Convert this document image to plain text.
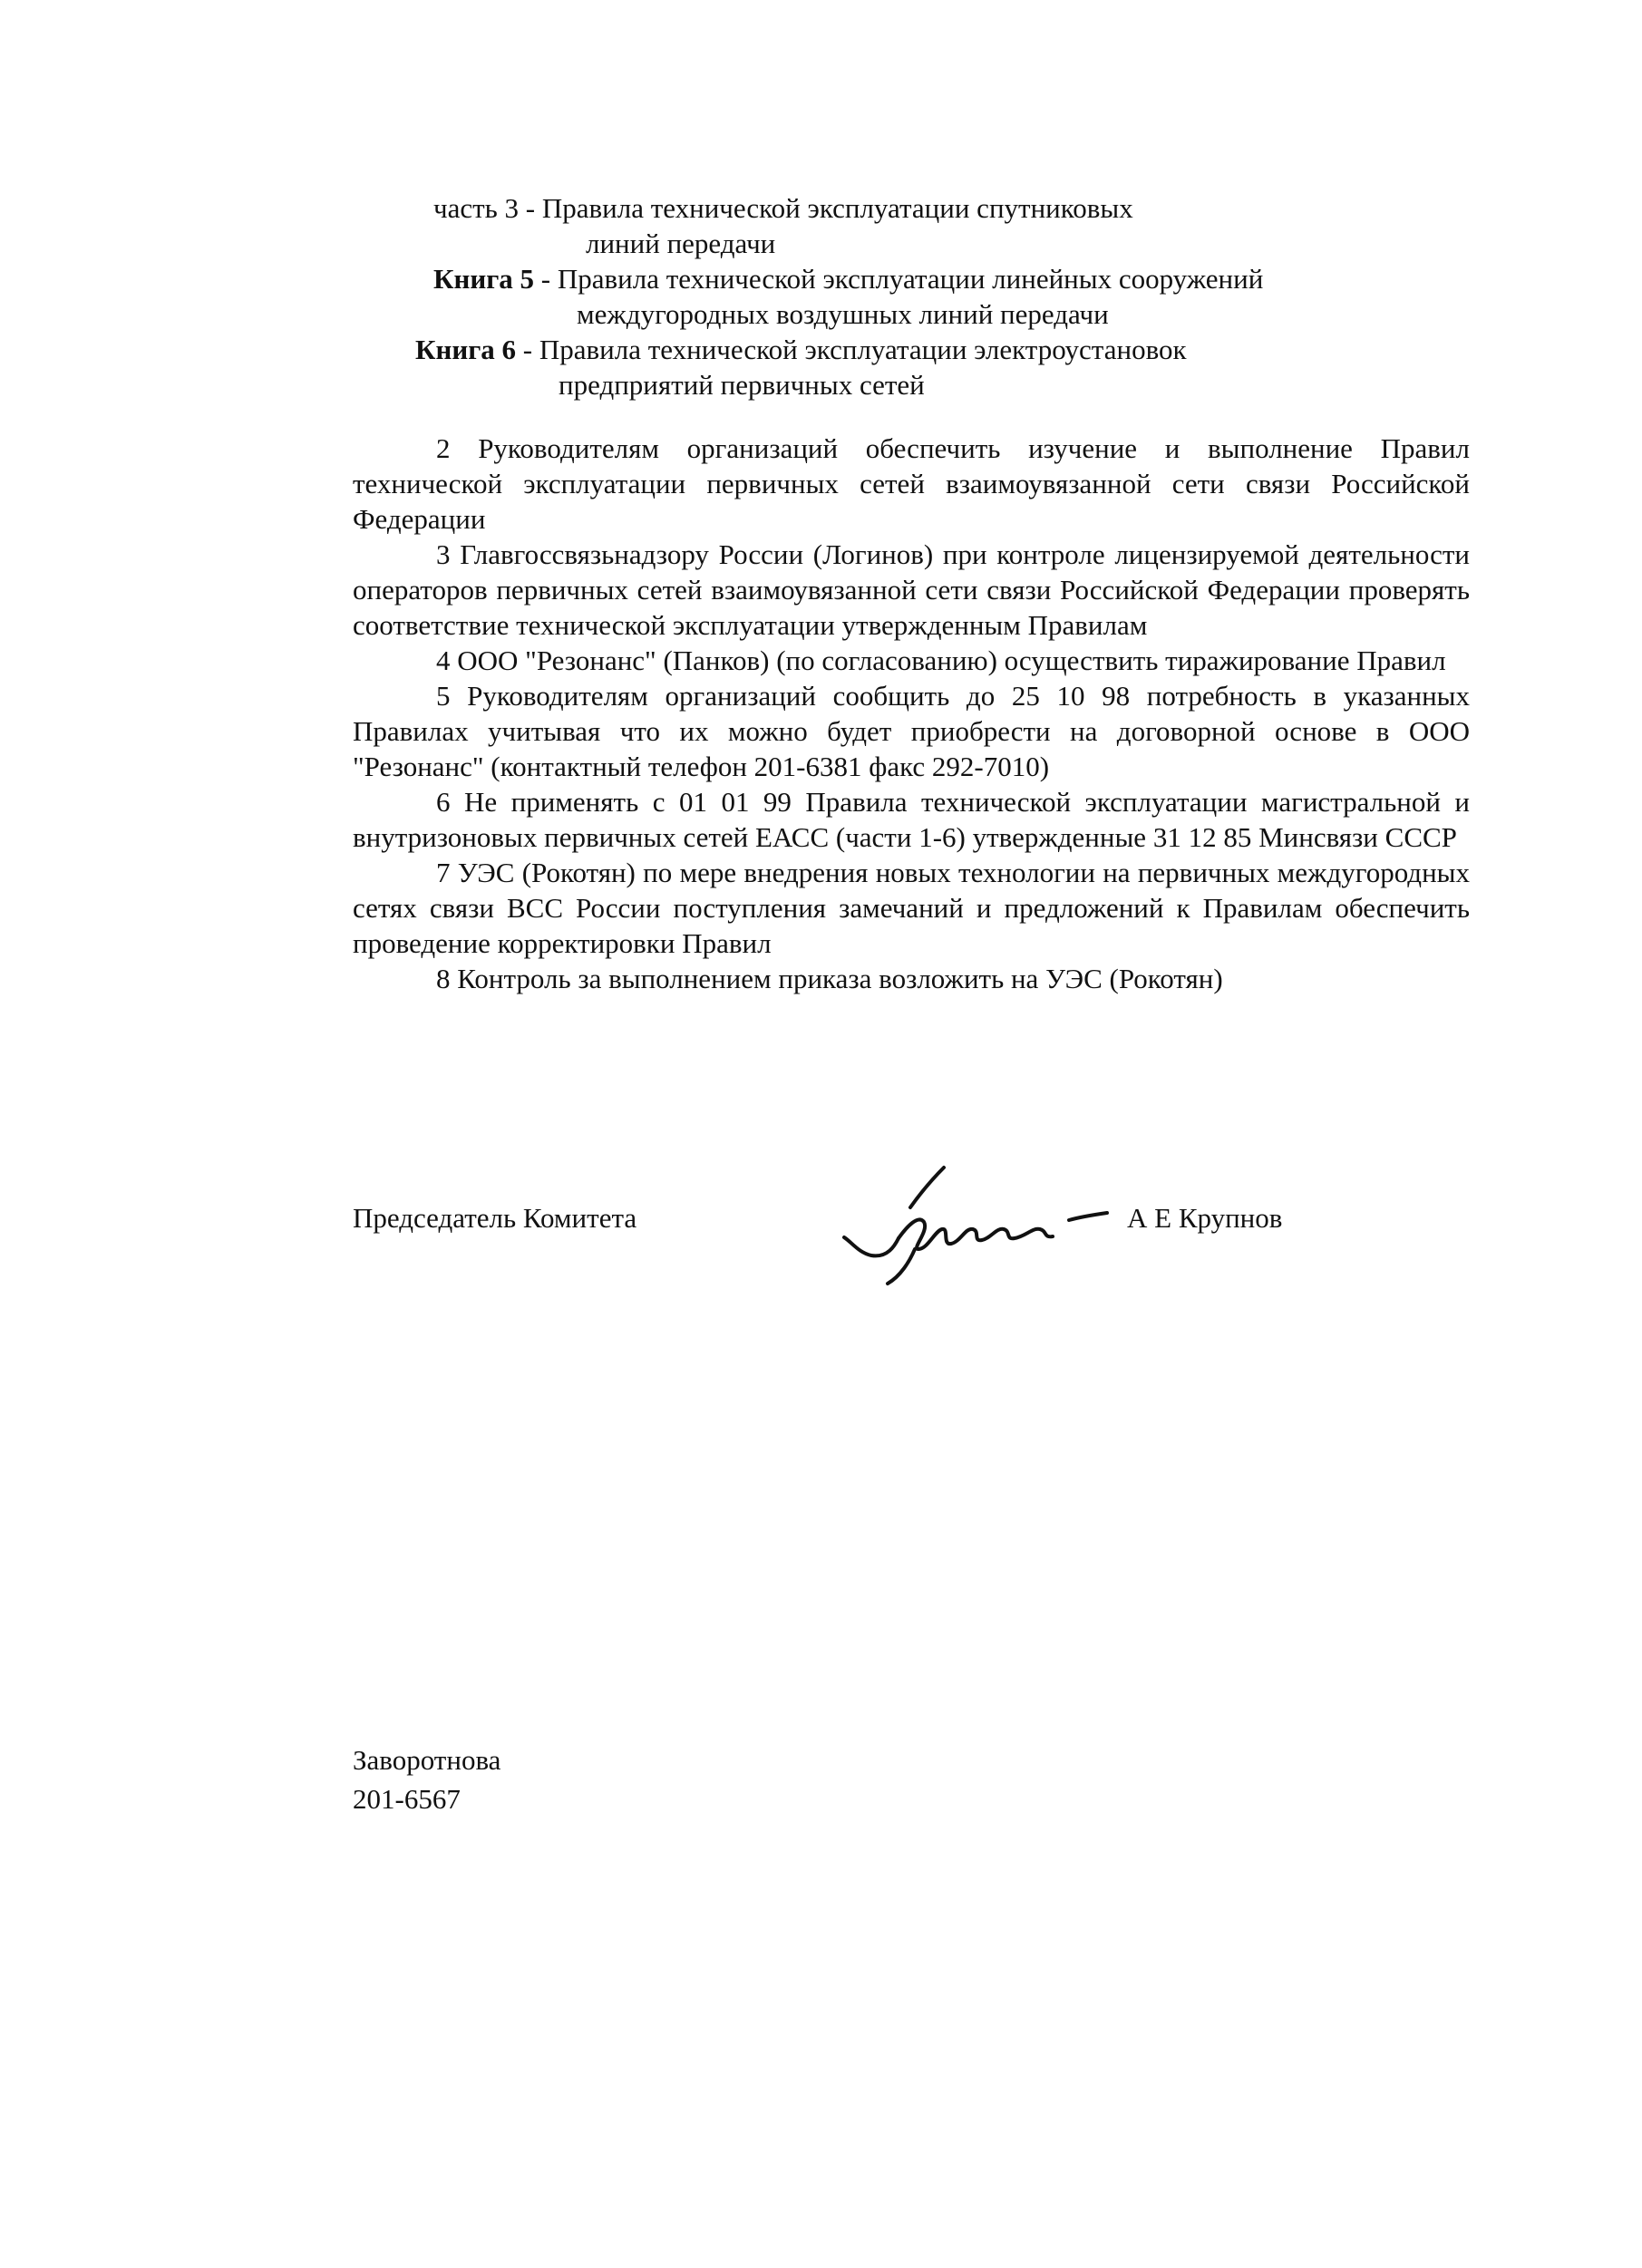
часть 3 - Правила технической эксплуатации спутниковых
линий передачи
Книга 5 - Правила технической эксплуатации линейных сооружений
междугородных воздушных линий передачи
Книга 6 - Правила технической эксплуатации электроустановок
предприятий первичных сетей

2 Руководителям организаций обеспечить изучение и выполнение Правил технической эксплуатации первичных сетей взаимоувязанной сети связи Российской Федерации

3 Главгоссвязьнадзору России (Логинов) при контроле лицензируемой деятельности операторов первичных сетей взаимоувязанной сети связи Российской Федерации проверять соответствие технической эксплуатации утвержденным Правилам

4 ООО "Резонанс" (Панков) (по согласованию) осуществить тиражирование Правил

5 Руководителям организаций сообщить до 25 10 98 потребность в указанных Правилах учитывая что их можно будет приобрести на договорной основе в ООО "Резонанс" (контактный телефон 201-6381 факс 292-7010)

6 Не применять с 01 01 99 Правила технической эксплуатации магистральной и внутризоновых первичных сетей ЕАСС (части 1-6) утвержденные 31 12 85 Минсвязи СССР

7 УЭС (Рокотян) по мере внедрения новых технологии на первичных междугородных сетях связи ВСС России поступления замечаний и предложений к Правилам обеспечить проведение корректировки Правил

8 Контроль за выполнением приказа возложить на УЭС (Рокотян)

Председатель Комитета	А Е Крупнов
Заворотнова
201-6567
